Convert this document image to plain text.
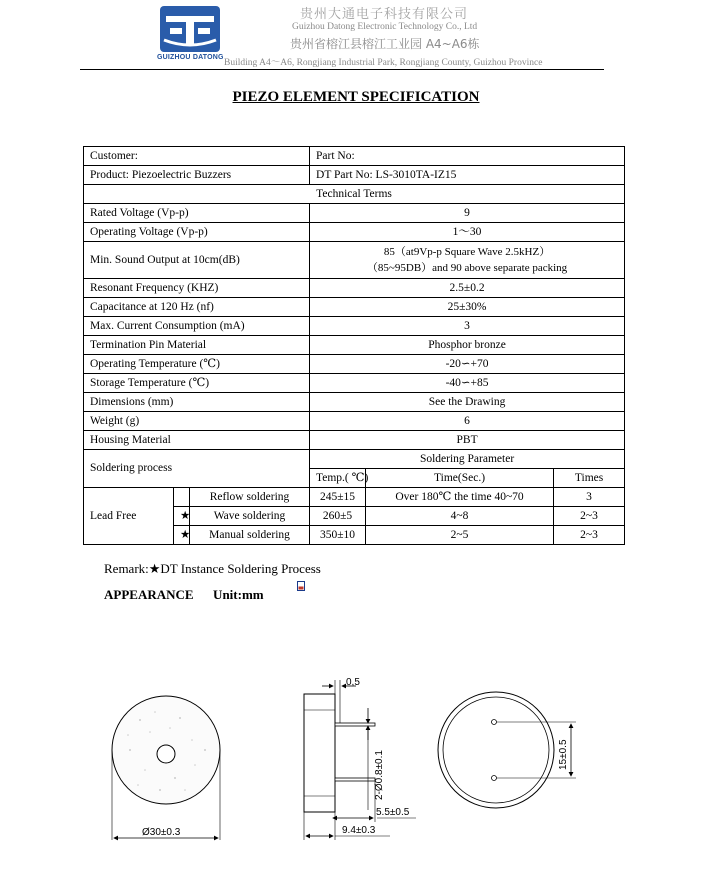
GUIZHOU DATONG
贵州大通电子科技有限公司
Guizhou Datong Electronic Technology Co., Ltd
贵州省榕江县榕江工业园 A4~A6栋
Building A4～A6, Rongjiang Industrial Park, Rongjiang County, Guizhou Province
PIEZO ELEMENT SPECIFICATION
Customer:			Part No:		
Product: Piezoelectric Buzzers			DT Part No: LS-3010TA-IZ15		
Technical Terms					
Rated Voltage (Vp-p)			9		
Operating Voltage (Vp-p)			1～30		
Min. Sound Output at 10cm(dB)			85（at9Vp-p Square Wave 2.5kHZ）
（85~95DB）and 90 above separate packing		

Resonant Frequency (KHZ)			2.5±0.2		
Capacitance at 120 Hz (nf)			25±30%		
Max. Current Consumption (mA)			3		
Termination Pin Material			Phosphor bronze		
Operating Temperature (℃)			-20∽+70		
Storage Temperature (℃)			-40∽+85		
Dimensions (mm)			See the Drawing		
Weight (g)			6		
Housing Material			PBT		
Soldering process			Soldering Parameter		
			Temp.( ℃)	Time(Sec.)	Times
Lead Free		Reflow soldering	245±15	Over 180℃ the time 40~70	3
	★	Wave soldering	260±5	4~8	2~3
	★	Manual soldering	350±10	2~5	2~3
Remark:★DT Instance Soldering Process
APPEARANCE      Unit:mm
Ø30±0.3
0,5
2-Ø0.8±0.1
5.5±0.5
9.4±0.3
15±0.5
